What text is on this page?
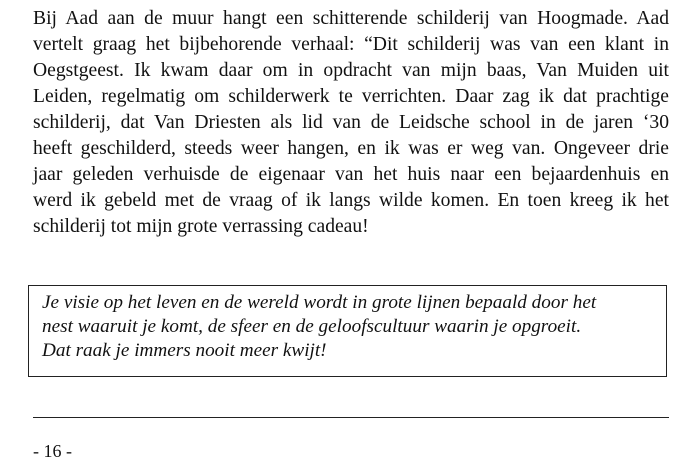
Bij Aad aan de muur hangt een schitterende schilderij van Hoogmade. Aad
vertelt graag het bijbehorende verhaal: “Dit schilderij was van een klant in
Oegstgeest. Ik kwam daar om in opdracht van mijn baas, Van Muiden uit
Leiden, regelmatig om schilderwerk te verrichten. Daar zag ik dat prachtige
schilderij, dat Van Driesten als lid van de Leidsche school in de jaren ‘30
heeft geschilderd, steeds weer hangen, en ik was er weg van. Ongeveer drie
jaar geleden verhuisde de eigenaar van het huis naar een bejaardenhuis en
werd ik gebeld met de vraag of ik langs wilde komen. En toen kreeg ik het
schilderij tot mijn grote verrassing cadeau!
Je visie op het leven en de wereld wordt in grote lijnen bepaald door het
nest waaruit je komt, de sfeer en de geloofscultuur waarin je opgroeit.
Dat raak je immers nooit meer kwijt!
- 16 -
